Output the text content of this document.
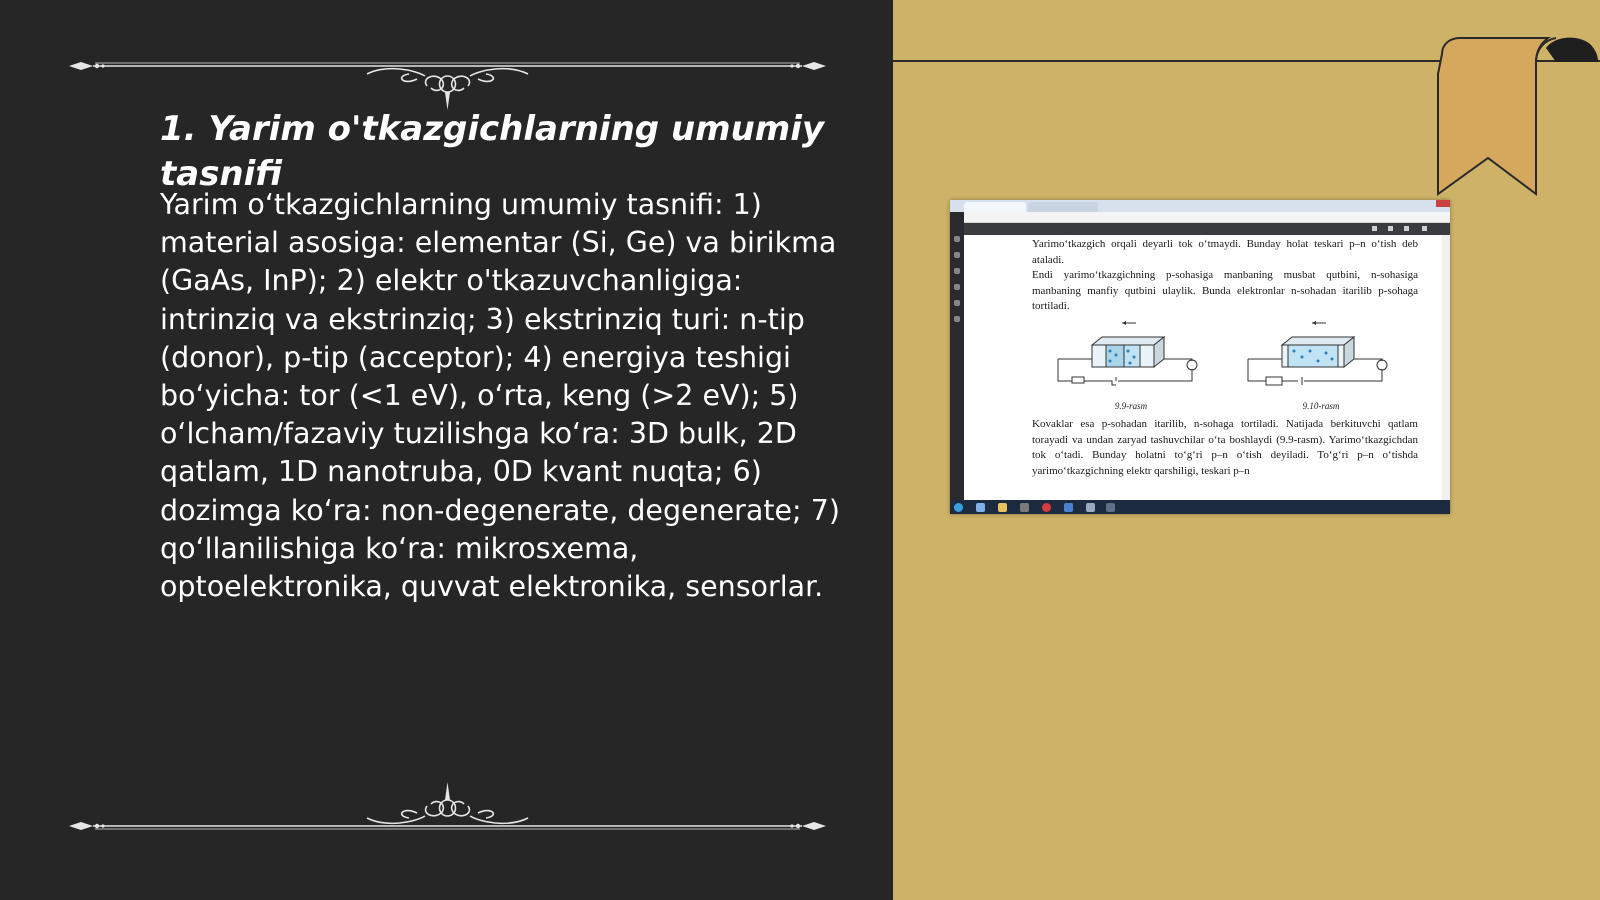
1. Yarim o'tkazgichlarning umumiy tasnifi

Yarim o‘tkazgichlarning umumiy tasnifi: 1) material asosiga: elementar (Si, Ge) va birikma (GaAs, InP); 2) elektr o'tkazuvchanligiga: intrinziq va ekstrinziq; 3) ekstrinziq turi: n-tip (donor), p-tip (acceptor); 4) energiya teshigi bo‘yicha: tor (<1 eV), o‘rta, keng (>2 eV); 5) o‘lcham/fazaviy tuzilishga ko‘ra: 3D bulk, 2D qatlam, 1D nanotruba, 0D kvant nuqta; 6) dozimga ko‘ra: non-degenerate, degenerate; 7) qo‘llanilishiga ko‘ra: mikrosxema, optoelektronika, quvvat elektronika, sensorlar.

Yarimo‘tkazgich orqali deyarli tok o‘tmaydi. Bunday holat teskari p–n o‘tish deb ataladi.

Endi yarimo‘tkazgichning p-sohasiga manbaning musbat qutbini, n-sohasiga manbaning manfiy qutbini ulaylik. Bunda elektronlar n-sohadan itarilib p-sohaga tortiladi.

9.9-rasm	9.10-rasm

Kovaklar esa p-sohadan itarilib, n-sohaga tortiladi. Natijada berkituvchi qatlam torayadi va undan zaryad tashuvchilar o‘ta boshlaydi (9.9-rasm). Yarimo‘tkazgichdan tok o‘tadi. Bunday holatni to‘g‘ri p–n o‘tish deyiladi. To‘g‘ri p–n o‘tishda yarimo‘tkazgichning elektr qarshiligi, teskari p–n
